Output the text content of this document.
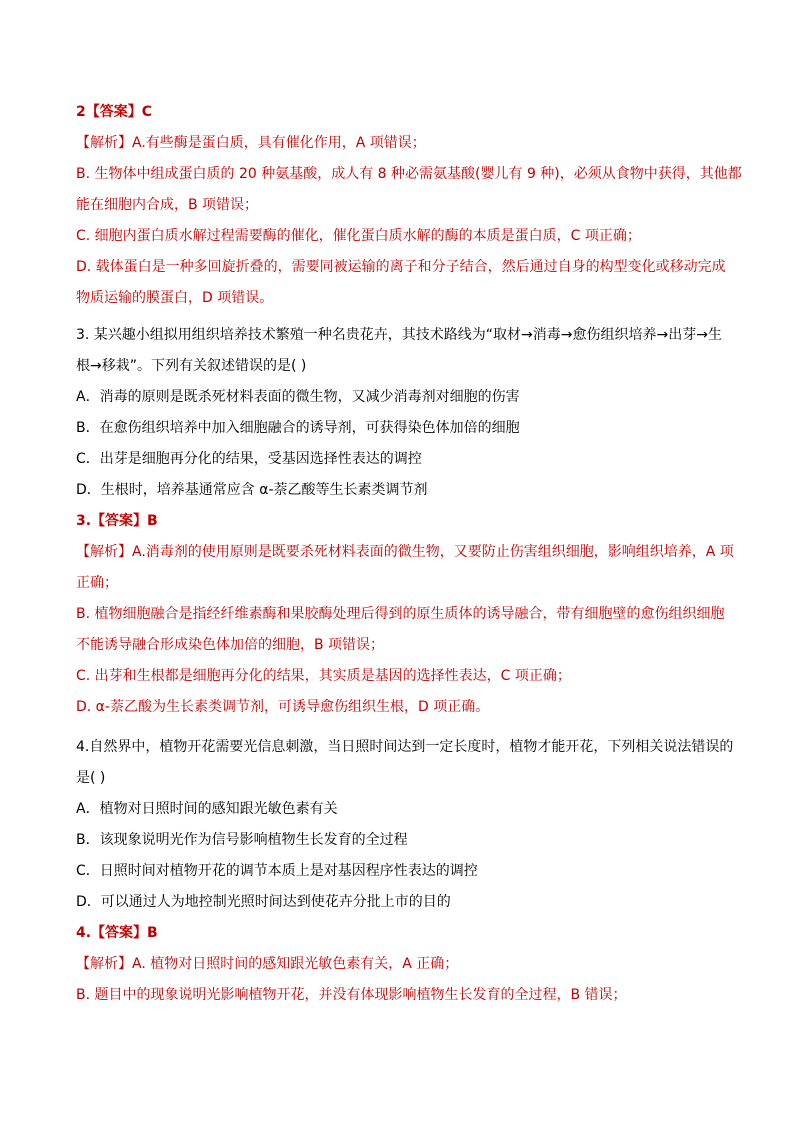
2【答案】C
【解析】A.有些酶是蛋白质，具有催化作用，A 项错误；
B. 生物体中组成蛋白质的 20 种氨基酸，成人有 8 种必需氨基酸(婴儿有 9 种)，必须从食物中获得，其他都
能在细胞内合成，B 项错误；
C. 细胞内蛋白质水解过程需要酶的催化，催化蛋白质水解的酶的本质是蛋白质，C 项正确；
D. 载体蛋白是一种多回旋折叠的，需要同被运输的离子和分子结合，然后通过自身的构型变化或移动完成
物质运输的膜蛋白，D 项错误。
3. 某兴趣小组拟用组织培养技术繁殖一种名贵花卉，其技术路线为“取材→消毒→愈伤组织培养→出芽→生
根→移栽”。下列有关叙述错误的是( )
A．消毒的原则是既杀死材料表面的微生物，又减少消毒剂对细胞的伤害
B．在愈伤组织培养中加入细胞融合的诱导剂，可获得染色体加倍的细胞
C．出芽是细胞再分化的结果，受基因选择性表达的调控
D．生根时，培养基通常应含 α-萘乙酸等生长素类调节剂
3.【答案】B
【解析】A.消毒剂的使用原则是既要杀死材料表面的微生物，又要防止伤害组织细胞，影响组织培养，A 项
正确；
B. 植物细胞融合是指经纤维素酶和果胶酶处理后得到的原生质体的诱导融合，带有细胞壁的愈伤组织细胞
不能诱导融合形成染色体加倍的细胞，B 项错误；
C. 出芽和生根都是细胞再分化的结果，其实质是基因的选择性表达，C 项正确；
D. α-萘乙酸为生长素类调节剂，可诱导愈伤组织生根，D 项正确。
4.自然界中，植物开花需要光信息刺激，当日照时间达到一定长度时，植物才能开花，下列相关说法错误的
是( )
A．植物对日照时间的感知跟光敏色素有关
B．该现象说明光作为信号影响植物生长发育的全过程
C．日照时间对植物开花的调节本质上是对基因程序性表达的调控
D．可以通过人为地控制光照时间达到使花卉分批上市的目的
4.【答案】B
【解析】A. 植物对日照时间的感知跟光敏色素有关，A 正确；
B. 题目中的现象说明光影响植物开花，并没有体现影响植物生长发育的全过程，B 错误；
